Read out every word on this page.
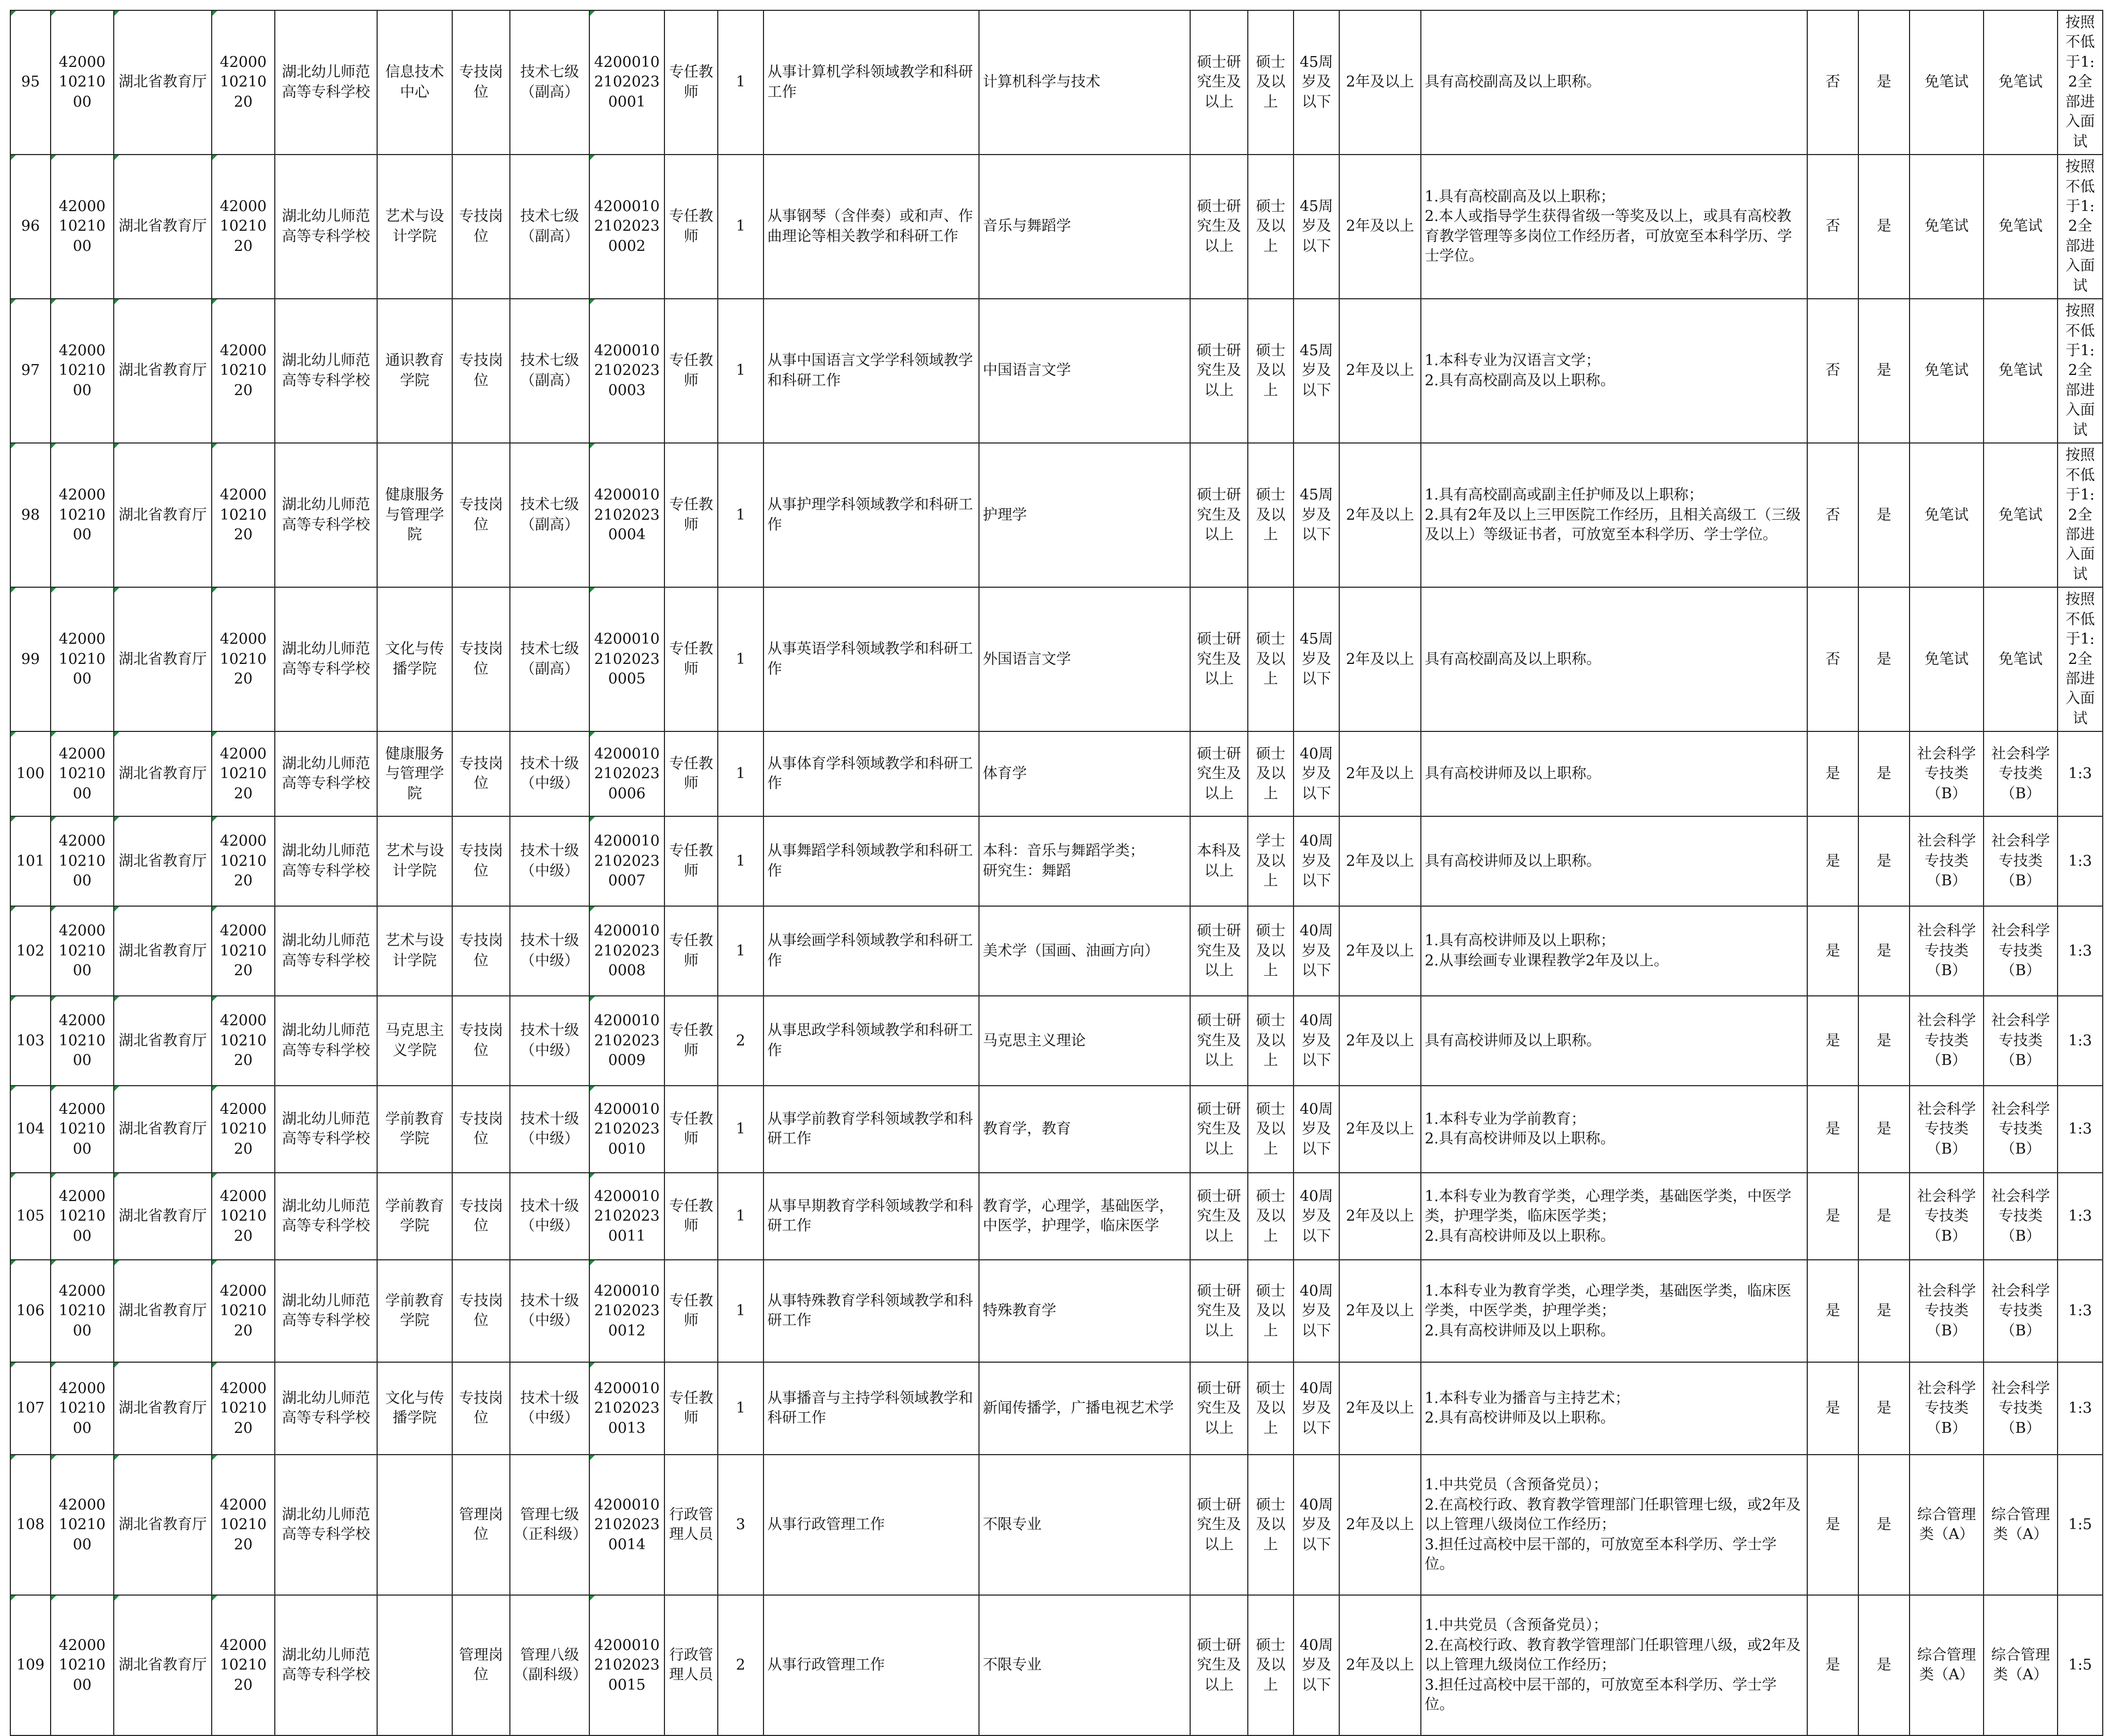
95	420001021000	湖北省教育厅	420001021020	湖北幼儿师范高等专科学校	信息技术中心	专技岗位	技术七级（副高）	420001021020230001	专任教师	1	从事计算机学科领域教学和科研工作	计算机科学与技术	硕士研究生及以上	硕士及以上	45周岁及以下	2年及以上	具有高校副高及以上职称。	否	是	免笔试	免笔试	按照不低于1:2全部进入面试
96	420001021000	湖北省教育厅	420001021020	湖北幼儿师范高等专科学校	艺术与设计学院	专技岗位	技术七级（副高）	420001021020230002	专任教师	1	从事钢琴（含伴奏）或和声、作曲理论等相关教学和科研工作	音乐与舞蹈学	硕士研究生及以上	硕士及以上	45周岁及以下	2年及以上	1.具有高校副高及以上职称；
2.本人或指导学生获得省级一等奖及以上，或具有高校教育教学管理等多岗位工作经历者，可放宽至本科学历、学士学位。	否	是	免笔试	免笔试	按照不低于1:2全部进入面试
97	420001021000	湖北省教育厅	420001021020	湖北幼儿师范高等专科学校	通识教育学院	专技岗位	技术七级（副高）	420001021020230003	专任教师	1	从事中国语言文学学科领域教学和科研工作	中国语言文学	硕士研究生及以上	硕士及以上	45周岁及以下	2年及以上	1.本科专业为汉语言文学；
2.具有高校副高及以上职称。	否	是	免笔试	免笔试	按照不低于1:2全部进入面试
98	420001021000	湖北省教育厅	420001021020	湖北幼儿师范高等专科学校	健康服务与管理学院	专技岗位	技术七级（副高）	420001021020230004	专任教师	1	从事护理学科领域教学和科研工作	护理学	硕士研究生及以上	硕士及以上	45周岁及以下	2年及以上	1.具有高校副高或副主任护师及以上职称；
2.具有2年及以上三甲医院工作经历，且相关高级工（三级及以上）等级证书者，可放宽至本科学历、学士学位。	否	是	免笔试	免笔试	按照不低于1:2全部进入面试
99	420001021000	湖北省教育厅	420001021020	湖北幼儿师范高等专科学校	文化与传播学院	专技岗位	技术七级（副高）	420001021020230005	专任教师	1	从事英语学科领域教学和科研工作	外国语言文学	硕士研究生及以上	硕士及以上	45周岁及以下	2年及以上	具有高校副高及以上职称。	否	是	免笔试	免笔试	按照不低于1:2全部进入面试
100	420001021000	湖北省教育厅	420001021020	湖北幼儿师范高等专科学校	健康服务与管理学院	专技岗位	技术十级（中级）	420001021020230006	专任教师	1	从事体育学科领域教学和科研工作	体育学	硕士研究生及以上	硕士及以上	40周岁及以下	2年及以上	具有高校讲师及以上职称。	是	是	社会科学专技类（B）	社会科学专技类（B）	1:3
101	420001021000	湖北省教育厅	420001021020	湖北幼儿师范高等专科学校	艺术与设计学院	专技岗位	技术十级（中级）	420001021020230007	专任教师	1	从事舞蹈学科领域教学和科研工作	本科：音乐与舞蹈学类；
研究生：舞蹈	本科及以上	学士及以上	40周岁及以下	2年及以上	具有高校讲师及以上职称。	是	是	社会科学专技类（B）	社会科学专技类（B）	1:3
102	420001021000	湖北省教育厅	420001021020	湖北幼儿师范高等专科学校	艺术与设计学院	专技岗位	技术十级（中级）	420001021020230008	专任教师	1	从事绘画学科领域教学和科研工作	美术学（国画、油画方向）	硕士研究生及以上	硕士及以上	40周岁及以下	2年及以上	1.具有高校讲师及以上职称；
2.从事绘画专业课程教学2年及以上。	是	是	社会科学专技类（B）	社会科学专技类（B）	1:3
103	420001021000	湖北省教育厅	420001021020	湖北幼儿师范高等专科学校	马克思主义学院	专技岗位	技术十级（中级）	420001021020230009	专任教师	2	从事思政学科领域教学和科研工作	马克思主义理论	硕士研究生及以上	硕士及以上	40周岁及以下	2年及以上	具有高校讲师及以上职称。	是	是	社会科学专技类（B）	社会科学专技类（B）	1:3
104	420001021000	湖北省教育厅	420001021020	湖北幼儿师范高等专科学校	学前教育学院	专技岗位	技术十级（中级）	420001021020230010	专任教师	1	从事学前教育学科领域教学和科研工作	教育学，教育	硕士研究生及以上	硕士及以上	40周岁及以下	2年及以上	1.本科专业为学前教育；
2.具有高校讲师及以上职称。	是	是	社会科学专技类（B）	社会科学专技类（B）	1:3
105	420001021000	湖北省教育厅	420001021020	湖北幼儿师范高等专科学校	学前教育学院	专技岗位	技术十级（中级）	420001021020230011	专任教师	1	从事早期教育学科领域教学和科研工作	教育学，心理学，基础医学，中医学，护理学，临床医学	硕士研究生及以上	硕士及以上	40周岁及以下	2年及以上	1.本科专业为教育学类，心理学类，基础医学类，中医学类，护理学类，临床医学类；
2.具有高校讲师及以上职称。	是	是	社会科学专技类（B）	社会科学专技类（B）	1:3
106	420001021000	湖北省教育厅	420001021020	湖北幼儿师范高等专科学校	学前教育学院	专技岗位	技术十级（中级）	420001021020230012	专任教师	1	从事特殊教育学科领域教学和科研工作	特殊教育学	硕士研究生及以上	硕士及以上	40周岁及以下	2年及以上	1.本科专业为教育学类，心理学类，基础医学类，临床医学类，中医学类，护理学类；
2.具有高校讲师及以上职称。	是	是	社会科学专技类（B）	社会科学专技类（B）	1:3
107	420001021000	湖北省教育厅	420001021020	湖北幼儿师范高等专科学校	文化与传播学院	专技岗位	技术十级（中级）	420001021020230013	专任教师	1	从事播音与主持学科领域教学和科研工作	新闻传播学，广播电视艺术学	硕士研究生及以上	硕士及以上	40周岁及以下	2年及以上	1.本科专业为播音与主持艺术；
2.具有高校讲师及以上职称。	是	是	社会科学专技类（B）	社会科学专技类（B）	1:3
108	420001021000	湖北省教育厅	420001021020	湖北幼儿师范高等专科学校		管理岗位	管理七级（正科级）	420001021020230014	行政管理人员	3	从事行政管理工作	不限专业	硕士研究生及以上	硕士及以上	40周岁及以下	2年及以上	1.中共党员（含预备党员）；
2.在高校行政、教育教学管理部门任职管理七级，或2年及以上管理八级岗位工作经历；
3.担任过高校中层干部的，可放宽至本科学历、学士学位。	是	是	综合管理类（A）	综合管理类（A）	1:5
109	420001021000	湖北省教育厅	420001021020	湖北幼儿师范高等专科学校		管理岗位	管理八级（副科级）	420001021020230015	行政管理人员	2	从事行政管理工作	不限专业	硕士研究生及以上	硕士及以上	40周岁及以下	2年及以上	1.中共党员（含预备党员）；
2.在高校行政、教育教学管理部门任职管理八级，或2年及以上管理九级岗位工作经历；
3.担任过高校中层干部的，可放宽至本科学历、学士学位。	是	是	综合管理类（A）	综合管理类（A）	1:5
